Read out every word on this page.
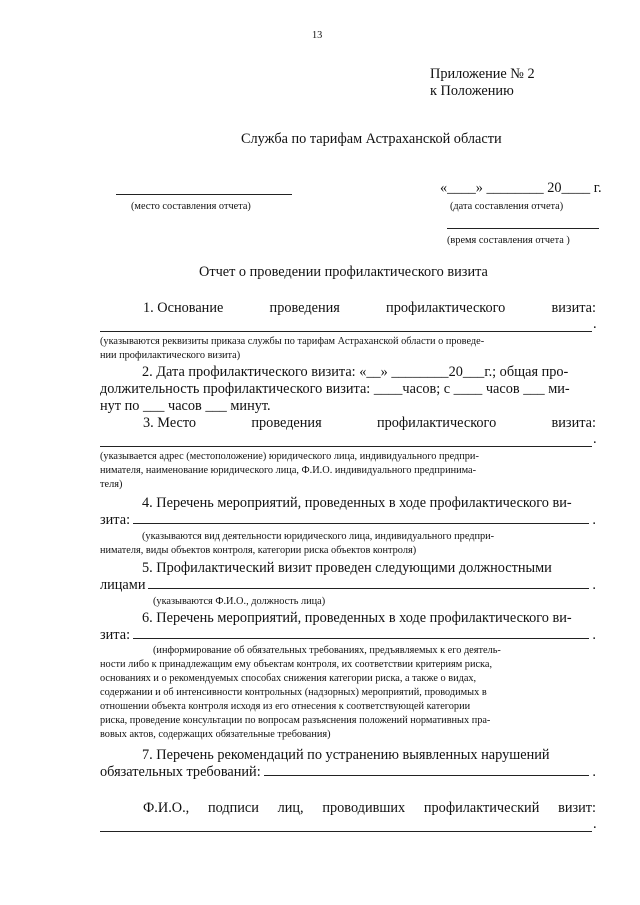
13
Приложение № 2
к Положению
Служба по тарифам Астраханской области
(место составления отчета)
«____» ________ 20____ г.
(дата составления отчета)
(время составления отчета )
Отчет о проведении профилактического визита
1. Основание	проведения	профилактического	визита:
.
(указываются реквизиты приказа службы по тарифам Астраханской области о проведе-
нии профилактического визита)
2. Дата профилактического визита: «__» ________20___г.; общая про-
должительность профилактического визита: ____часов; с ____ часов ___ ми-
нут по ___ часов ___ минут.
3. Место	проведения	профилактического	визита:
.
(указывается адрес (местоположение) юридического лица, индивидуального предпри-
нимателя, наименование юридического лица, Ф.И.О. индивидуального предпринима-
теля)
4. Перечень мероприятий, проведенных в ходе профилактического ви-
зита:	.
(указываются вид деятельности юридического лица, индивидуального предпри-
нимателя, виды объектов контроля, категории риска объектов контроля)
5. Профилактический визит проведен следующими должностными
лицами	.
(указываются Ф.И.О., должность лица)
6. Перечень мероприятий, проведенных в ходе профилактического ви-
зита:	.
(информирование об обязательных требованиях, предъявляемых к его деятель-
ности либо к принадлежащим ему объектам контроля, их соответствии критериям риска,
основаниях и о рекомендуемых способах снижения категории риска, а также о видах,
содержании и об интенсивности контрольных (надзорных) мероприятий, проводимых в
отношении объекта контроля исходя из его отнесения к соответствующей категории
риска, проведение консультации по вопросам разъяснения положений нормативных пра-
вовых актов, содержащих обязательные требования)
7. Перечень рекомендаций по устранению выявленных нарушений
обязательных требований:	.
Ф.И.О., подписи лиц, проводивших профилактический визит:
.
